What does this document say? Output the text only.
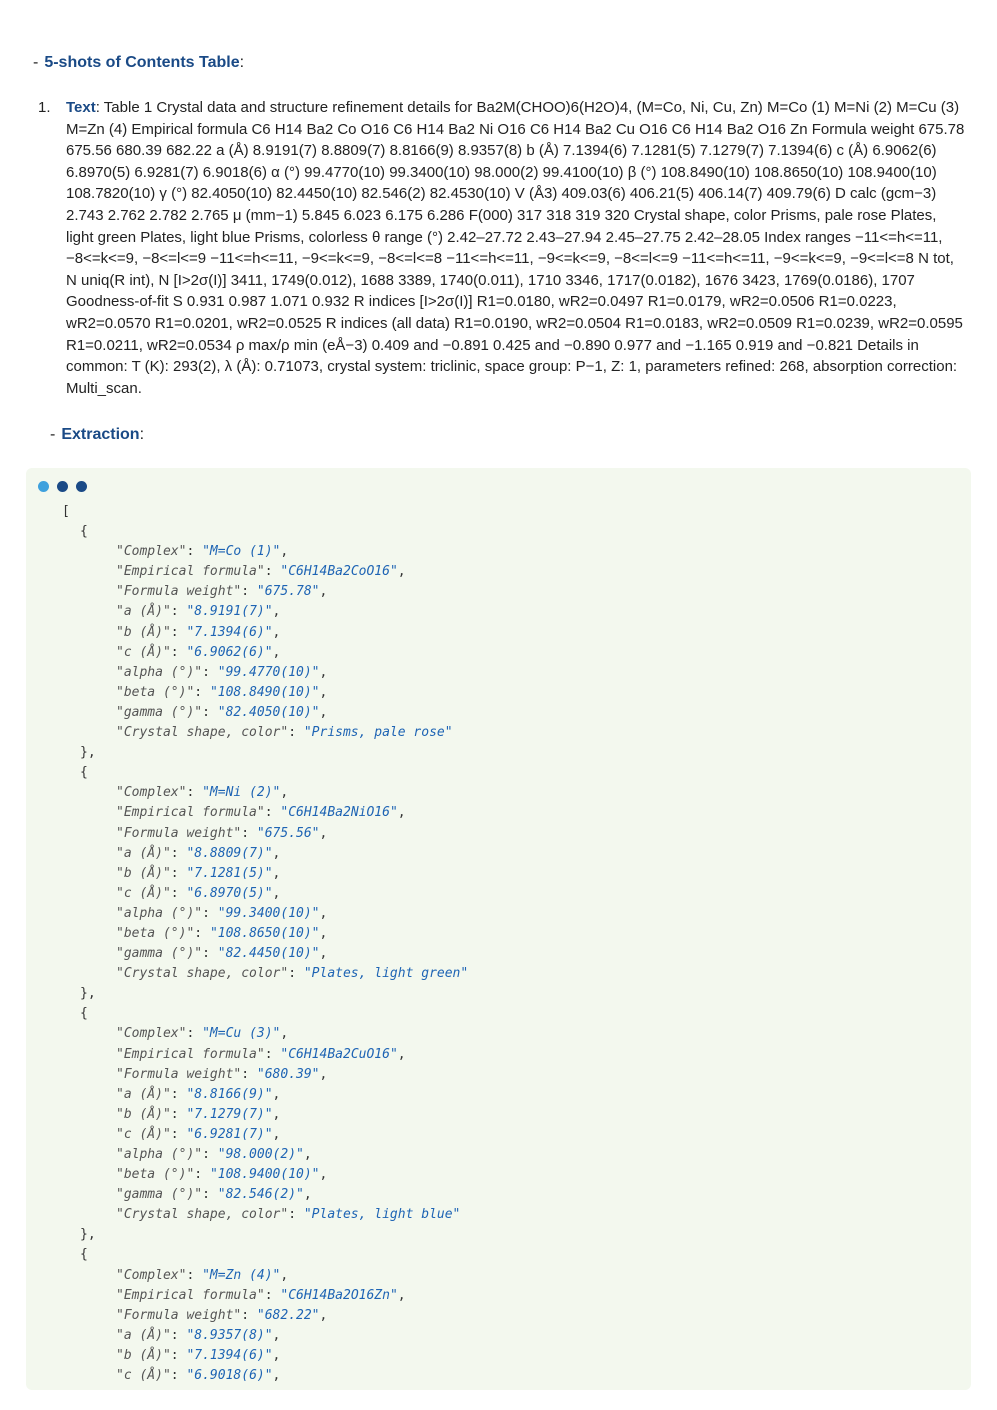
- 5-shots of Contents Table:
1. Text: Table 1 Crystal data and structure refinement details for Ba2M(CHOO)6(H2O)4, (M=Co, Ni, Cu, Zn) M=Co (1) M=Ni (2) M=Cu (3) M=Zn (4) Empirical formula C6 H14 Ba2 Co O16 C6 H14 Ba2 Ni O16 C6 H14 Ba2 Cu O16 C6 H14 Ba2 O16 Zn Formula weight 675.78 675.56 680.39 682.22 a (Å) 8.9191(7) 8.8809(7) 8.8166(9) 8.9357(8) b (Å) 7.1394(6) 7.1281(5) 7.1279(7) 7.1394(6) c (Å) 6.9062(6) 6.8970(5) 6.9281(7) 6.9018(6) α (°) 99.4770(10) 99.3400(10) 98.000(2) 99.4100(10) β (°) 108.8490(10) 108.8650(10) 108.9400(10) 108.7820(10) γ (°) 82.4050(10) 82.4450(10) 82.546(2) 82.4530(10) V (Å3) 409.03(6) 406.21(5) 406.14(7) 409.79(6) D calc (gcm−3) 2.743 2.762 2.782 2.765 μ (mm−1) 5.845 6.023 6.175 6.286 F(000) 317 318 319 320 Crystal shape, color Prisms, pale rose Plates, light green Plates, light blue Prisms, colorless θ range (°) 2.42–27.72 2.43–27.94 2.45–27.75 2.42–28.05 Index ranges −11<=h<=11, −8<=k<=9, −8<=l<=9 −11<=h<=11, −9<=k<=9, −8<=l<=8 −11<=h<=11, −9<=k<=9, −8<=l<=9 −11<=h<=11, −9<=k<=9, −9<=l<=8 N tot, N uniq(R int), N [I>2σ(I)] 3411, 1749(0.012), 1688 3389, 1740(0.011), 1710 3346, 1717(0.0182), 1676 3423, 1769(0.0186), 1707 Goodness-of-fit S 0.931 0.987 1.071 0.932 R indices [I>2σ(I)] R1=0.0180, wR2=0.0497 R1=0.0179, wR2=0.0506 R1=0.0223, wR2=0.0570 R1=0.0201, wR2=0.0525 R indices (all data) R1=0.0190, wR2=0.0504 R1=0.0183, wR2=0.0509 R1=0.0239, wR2=0.0595 R1=0.0211, wR2=0.0534 ρ max/ρ min (eÅ−3) 0.409 and −0.891 0.425 and −0.890 0.977 and −1.165 0.919 and −0.821 Details in common: T (K): 293(2), λ (Å): 0.71073, crystal system: triclinic, space group: P−1, Z: 1, parameters refined: 268, absorption correction: Multi_scan.
- Extraction:
[
{
"Complex": "M=Co (1)",
"Empirical formula": "C6H14Ba2CoO16",
"Formula weight": "675.78",
"a (Å)": "8.9191(7)",
"b (Å)": "7.1394(6)",
"c (Å)": "6.9062(6)",
"alpha (°)": "99.4770(10)",
"beta (°)": "108.8490(10)",
"gamma (°)": "82.4050(10)",
"Crystal shape, color": "Prisms, pale rose"
},
{
"Complex": "M=Ni (2)",
"Empirical formula": "C6H14Ba2NiO16",
"Formula weight": "675.56",
"a (Å)": "8.8809(7)",
"b (Å)": "7.1281(5)",
"c (Å)": "6.8970(5)",
"alpha (°)": "99.3400(10)",
"beta (°)": "108.8650(10)",
"gamma (°)": "82.4450(10)",
"Crystal shape, color": "Plates, light green"
},
{
"Complex": "M=Cu (3)",
"Empirical formula": "C6H14Ba2CuO16",
"Formula weight": "680.39",
"a (Å)": "8.8166(9)",
"b (Å)": "7.1279(7)",
"c (Å)": "6.9281(7)",
"alpha (°)": "98.000(2)",
"beta (°)": "108.9400(10)",
"gamma (°)": "82.546(2)",
"Crystal shape, color": "Plates, light blue"
},
{
"Complex": "M=Zn (4)",
"Empirical formula": "C6H14Ba2O16Zn",
"Formula weight": "682.22",
"a (Å)": "8.9357(8)",
"b (Å)": "7.1394(6)",
"c (Å)": "6.9018(6)",
